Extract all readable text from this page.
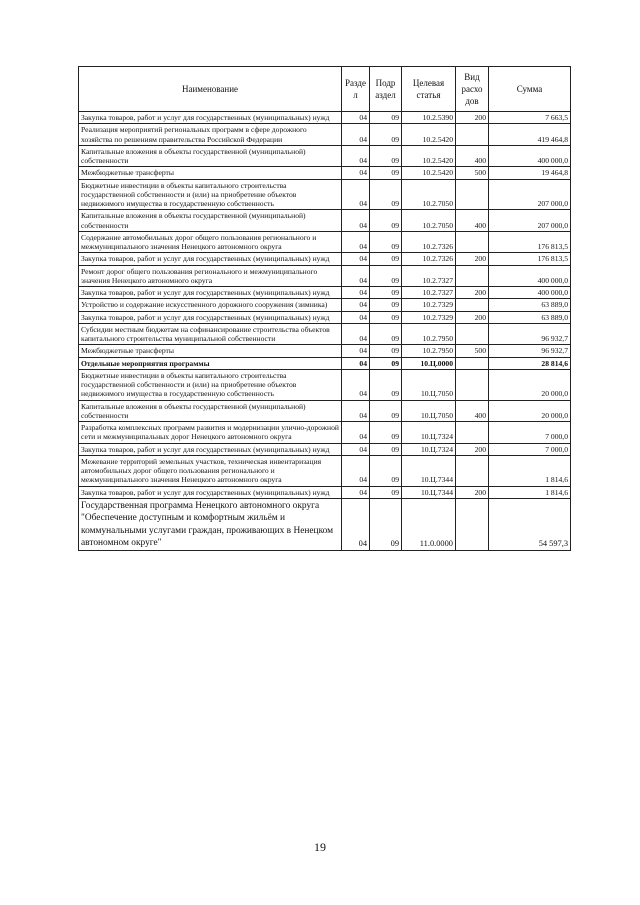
Наименование	Разде л	Подр аздел	Целевая статья	Вид расхо дов	Сумма
Закупка товаров, работ и услуг для государственных (муниципальных) нужд	04	09	10.2.5390	200	7 663,5
Реализация мероприятий региональных программ в сфере дорожного хозяйства по решениям правительства Российской Федерации	04	09	10.2.5420		419 464,8
Капитальные вложения в объекты государственной (муниципальной) собственности	04	09	10.2.5420	400	400 000,0
Межбюджетные трансферты	04	09	10.2.5420	500	19 464,8
Бюджетные инвестиции в объекты капитального строительства государственной собственности и (или) на приобретение объектов недвижимого имущества в государственную собственность	04	09	10.2.7050		207 000,0
Капитальные вложения в объекты государственной (муниципальной) собственности	04	09	10.2.7050	400	207 000,0
Содержание автомобильных дорог общего пользования регионального и межмуниципального значения Ненецкого автономного округа	04	09	10.2.7326		176 813,5
Закупка товаров, работ и услуг для государственных (муниципальных) нужд	04	09	10.2.7326	200	176 813,5
Ремонт дорог общего пользования регионального и межмуниципального значения Ненецкого автономного округа	04	09	10.2.7327		400 000,0
Закупка товаров, работ и услуг для государственных (муниципальных) нужд	04	09	10.2.7327	200	400 000,0
Устройство и содержание искусственного дорожного сооружения (зимника)	04	09	10.2.7329		63 889,0
Закупка товаров, работ и услуг для государственных (муниципальных) нужд	04	09	10.2.7329	200	63 889,0
Субсидии местным бюджетам на софинансирование строительства объектов капитального строительства муниципальной собственности	04	09	10.2.7950		96 932,7
Межбюджетные трансферты	04	09	10.2.7950	500	96 932,7
Отдельные мероприятия программы	04	09	10.Ц.0000		28 814,6
Бюджетные инвестиции в объекты капитального строительства государственной собственности и (или) на приобретение объектов недвижимого имущества в государственную собственность	04	09	10.Ц.7050		20 000,0
Капитальные вложения в объекты государственной (муниципальной) собственности	04	09	10.Ц.7050	400	20 000,0
Разработка комплексных программ развития и модернизации улично-дорожной сети и межмуниципальных дорог Ненецкого автономного округа	04	09	10.Ц.7324		7 000,0
Закупка товаров, работ и услуг для государственных (муниципальных) нужд	04	09	10.Ц.7324	200	7 000,0
Межевание территорий земельных участков, техническая инвентаризация автомобильных дорог общего пользования регионального и межмуниципального значения Ненецкого автономного округа	04	09	10.Ц.7344		1 814,6
Закупка товаров, работ и услуг для государственных (муниципальных) нужд	04	09	10.Ц.7344	200	1 814,6
Государственная программа Ненецкого автономного округа "Обеспечение доступным и комфортным жильём и коммунальными услугами граждан, проживающих в Ненецком автономном округе"	04	09	11.0.0000		54 597,3
19
